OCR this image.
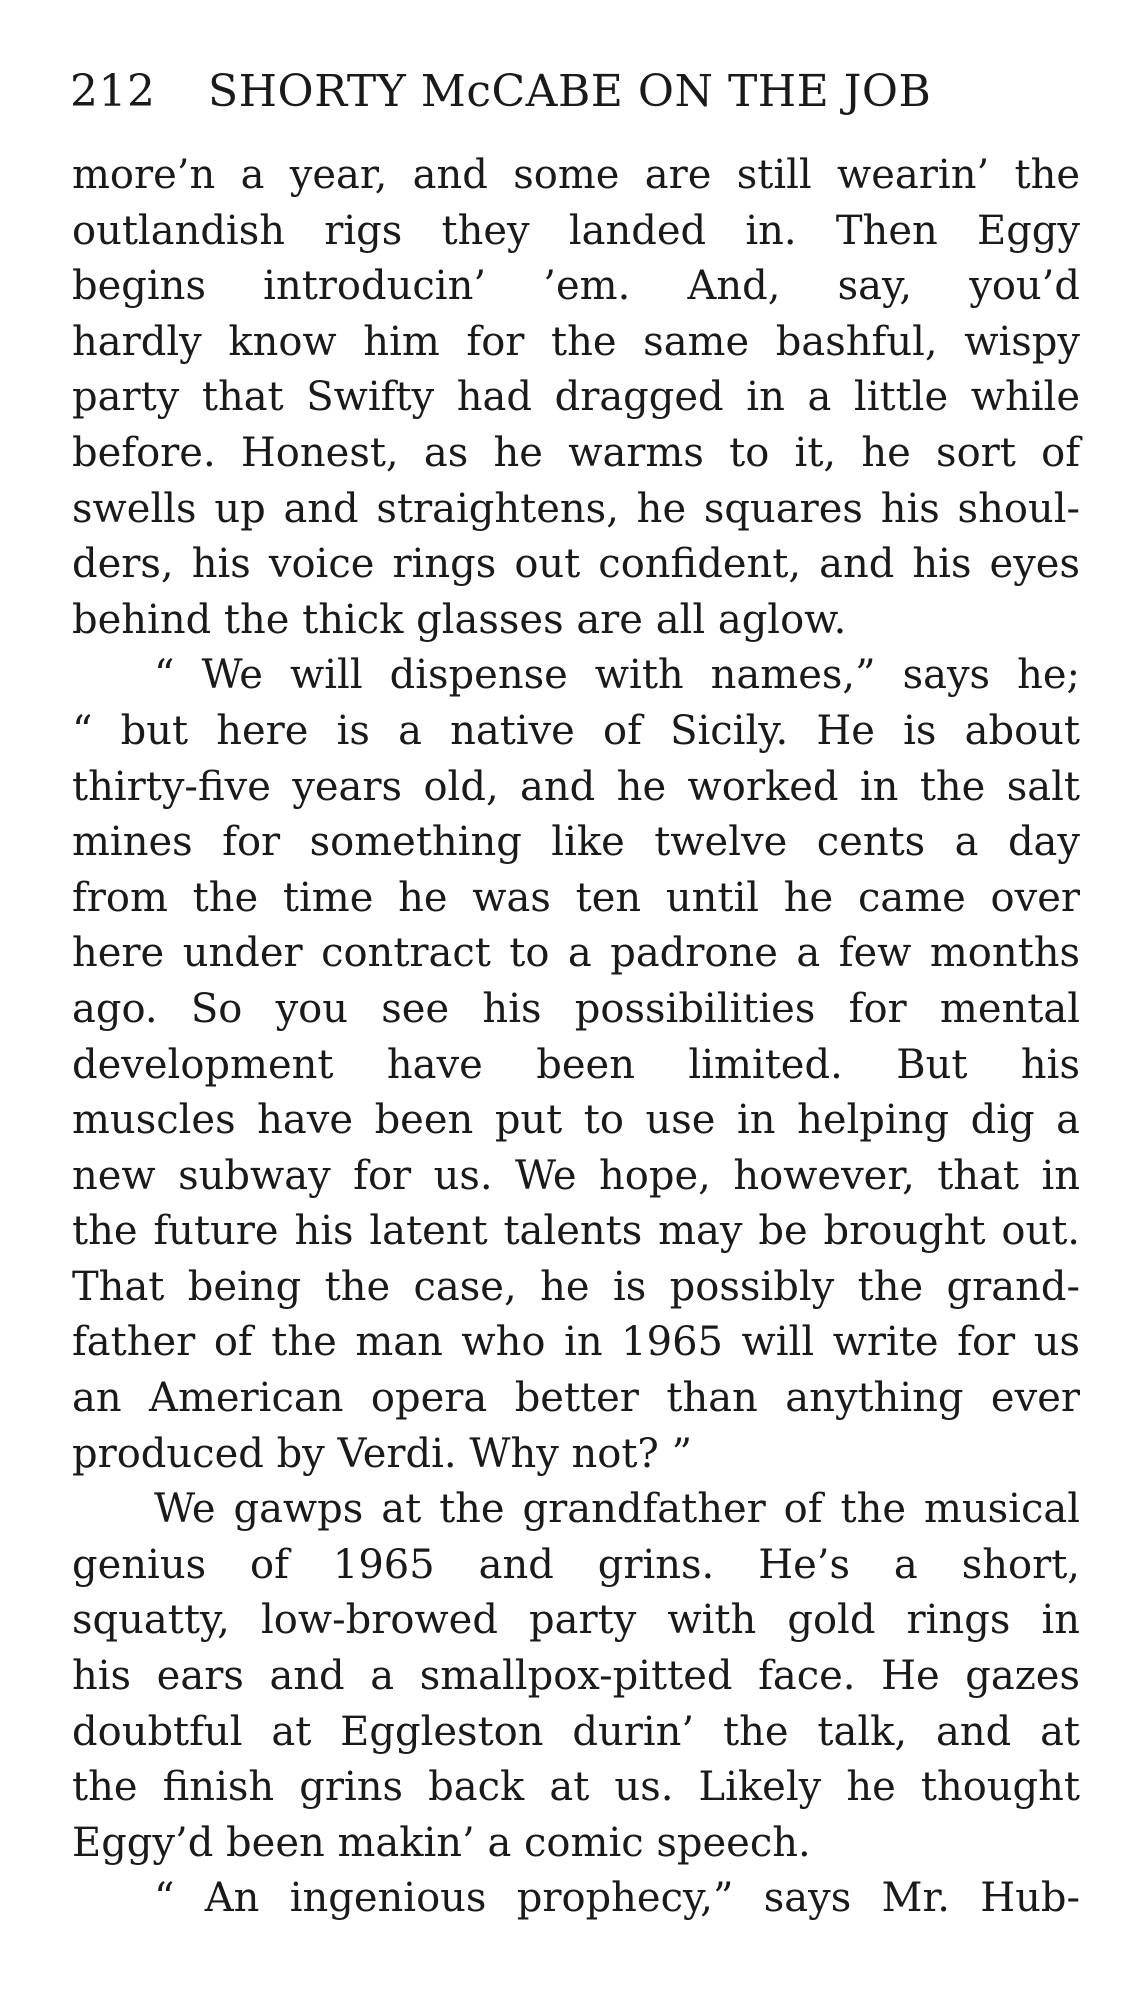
212 SHORTY McCABE ON THE JOB
more’n a year, and some are still wearin’ the
outlandish rigs they landed in. Then Eggy
begins introducin’ ’em. And, say, you’d
hardly know him for the same bashful, wispy
party that Swifty had dragged in a little while
before. Honest, as he warms to it, he sort of
swells up and straightens, he squares his shoul-
ders, his voice rings out confident, and his eyes
behind the thick glasses are all aglow.
“ We will dispense with names,” says he;
“ but here is a native of Sicily. He is about
thirty-five years old, and he worked in the salt
mines for something like twelve cents a day
from the time he was ten until he came over
here under contract to a padrone a few months
ago. So you see his possibilities for mental
development have been limited. But his
muscles have been put to use in helping dig a
new subway for us. We hope, however, that in
the future his latent talents may be brought out.
That being the case, he is possibly the grand-
father of the man who in 1965 will write for us
an American opera better than anything ever
produced by Verdi. Why not? ”
We gawps at the grandfather of the musical
genius of 1965 and grins. He’s a short,
squatty, low-browed party with gold rings in
his ears and a smallpox-pitted face. He gazes
doubtful at Eggleston durin’ the talk, and at
the finish grins back at us. Likely he thought
Eggy’d been makin’ a comic speech.
“ An ingenious prophecy,” says Mr. Hub-
